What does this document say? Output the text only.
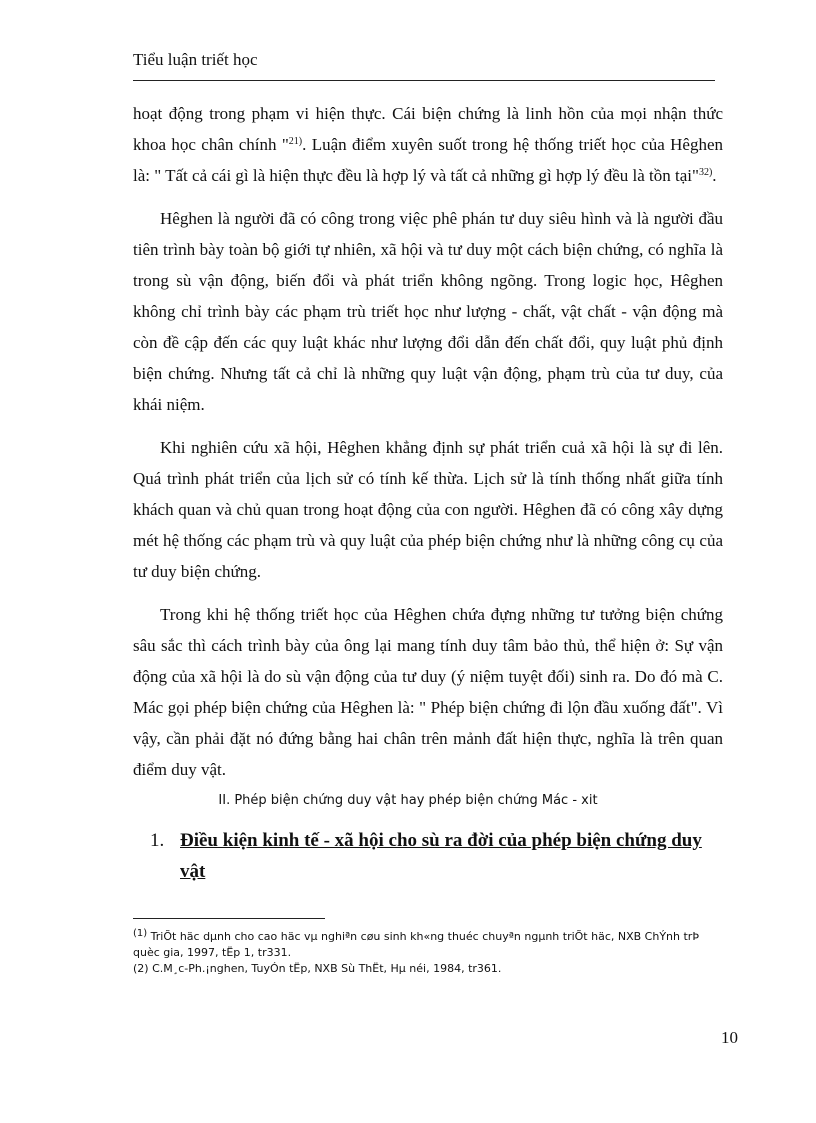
Tiểu luận triết học

hoạt động trong phạm vi hiện thực. Cái biện chứng là linh hồn của mọi nhận thức khoa học chân chính "$^{21)}$. Luận điểm xuyên suốt trong hệ thống triết học của Hêghen là: " Tất cả cái gì là hiện thực đều là hợp lý và tất cả những gì hợp lý đều là tồn tại"$^{32)}$.

Hêghen là người đã có công trong việc phê phán tư duy siêu hình và là người đầu tiên trình bày toàn bộ giới tự nhiên, xã hội và tư duy một cách biện chứng, có nghĩa là trong sù vận động, biến đổi và phát triển không ngõng. Trong logic học, Hêghen không chỉ trình bày các phạm trù triết học như lượng - chất, vật chất - vận động mà còn đề cập đến các quy luật khác như lượng đổi dẫn đến chất đổi, quy luật phủ định biện chứng. Nhưng tất cả chỉ là những quy luật vận động, phạm trù của tư duy, của khái niệm.

Khi nghiên cứu xã hội, Hêghen khẳng định sự phát triển cuả xã hội là sự đi lên. Quá trình phát triển của lịch sử có tính kế thừa. Lịch sử là tính thống nhất giữa tính khách quan và chủ quan trong hoạt động của con người. Hêghen đã có công xây dựng mét hệ thống các phạm trù và quy luật của phép biện chứng như là những công cụ của tư duy biện chứng.

Trong khi hệ thống triết học của Hêghen chứa đựng những tư tưởng biện chứng sâu sắc thì cách trình bày của ông lại mang tính duy tâm bảo thủ, thể hiện ở: Sự vận động của xã hội là do sù vận động của tư duy (ý niệm tuyệt đối) sinh ra. Do đó mà C. Mác gọi phép biện chứng của Hêghen là: " Phép biện chứng đi lộn đầu xuống đất". Vì vậy, cần phải đặt nó đứng bằng hai chân trên mảnh đất hiện thực, nghĩa là trên quan điểm duy vật.

II. Phép biện chứng duy vật hay phép biện chứng Mác - xit
1. Điều kiện kinh tế - xã hội cho sù ra đời của phép biện chứng duy vật
$^{(1)}$ TriÕt häc dµnh cho cao häc vµ nghiªn cøu sinh kh«ng thuéc chuyªn ngµnh triÕt häc, NXB ChÝnh trÞ quèc gia, 1997, tËp 1, tr331.
(2) C.M¸c-Ph.¡nghen, TuyÓn tËp, NXB Sù ThËt, Hµ néi, 1984, tr361.
10
